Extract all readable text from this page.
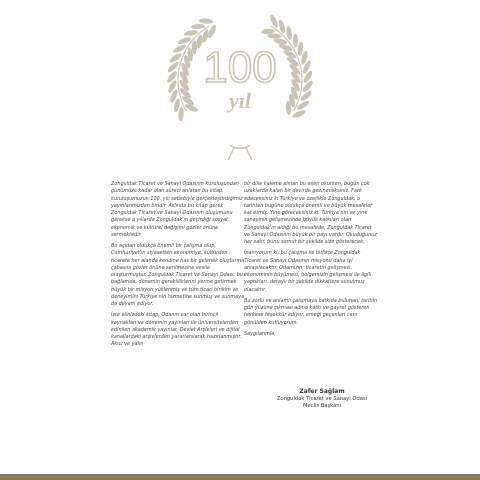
100
yıl

Zonguldak Ticaret ve Sanayi Odasının kuruluşundan günümüze kadar olan süreci anlatan bu kitap, kuruluşumuzun 100. yılı sebebiyle gerçekleştirdiğimiz yayınlarımızdan biridir. Aslında bu kitap gerek Zonguldak Ticaret ve Sanayi Odasının oluşumunu gerekse o yıllarda Zonguldak'ın geçirdiği sosyal, ekonomik ve kültürel değişimi gözler önüne sermektedir.

Bu açıdan oldukça önemli bir çalışma olup, Cumhuriyet'in siyasetten ekonomiye, kültürden ticarete her alanda kendine has bir gelenek oluşturma çabasını gözler önüne serilmesine vesile oluşturmuştur. Zonguldak Ticaret ve Sanayi Odası, bu bağlamda, dönemin gerekliliklerini yerine getirmek büyük bir misyon yüklenmiş ve tüm ticari birikim ve deneyimini Türkiye'nin hizmetine sunmuş ve sunmaya da devam ediyor.

İşte elinizdeki kitap, Odanın var olan birincil kaynakları ve dönemin yayınları ile üniversitelerden edinilen akademik yayınlar, Devlet Arşivleri ve dijital kanallardaki arşivlerden yararlanılarak hazırlanmıştır. Akıcı ve yalın

bir dille kaleme alınan bu eseri okurken, bugün çok uzaklarda kalan bir devirde gezineceksiniz. Fark edeceksiniz ki Türkiye ve özellikle Zonguldak, o tarihten bugüne oldukça önemli ve büyük mesafeler kat etmiş. Yine göreceksiniz ki, Türkiye'nin ve yine sanayinin gelişmesinde büyük katkıları olan Zonguldak'ın aldığı bu mesafede, Zonguldak Ticaret ve Sanayi Odasının büyük bir payı vardır. Okuduğunuz her satır, bunu somut bir şekilde size gösterecek.

İnanıyorum ki, bu çalışma ile birlikte Zonguldak Ticaret ve Sanayi Odasının misyonu daha iyi anlaşılacaktır. Odamızın; ticaretin gelişmesi, ekonominin büyümesi, bölgemizin gelişmesi ile ilgili yaptıkları, detaylı bir şekilde dikkatlere sunulmuş olacaktır.

Bu zorlu ve anlamlı çalışmaya katkıda bulunan, tarihin gün yüzüne çıkması adına katkı ve gayret gösteren herkese teşekkür ediyor, emeği geçenleri canı gönülden kutluyorum.

Saygılarımla,

Zafer Sağlam
Zonguldak Ticaret ve Sanayi Odası
Meclis Başkanı
